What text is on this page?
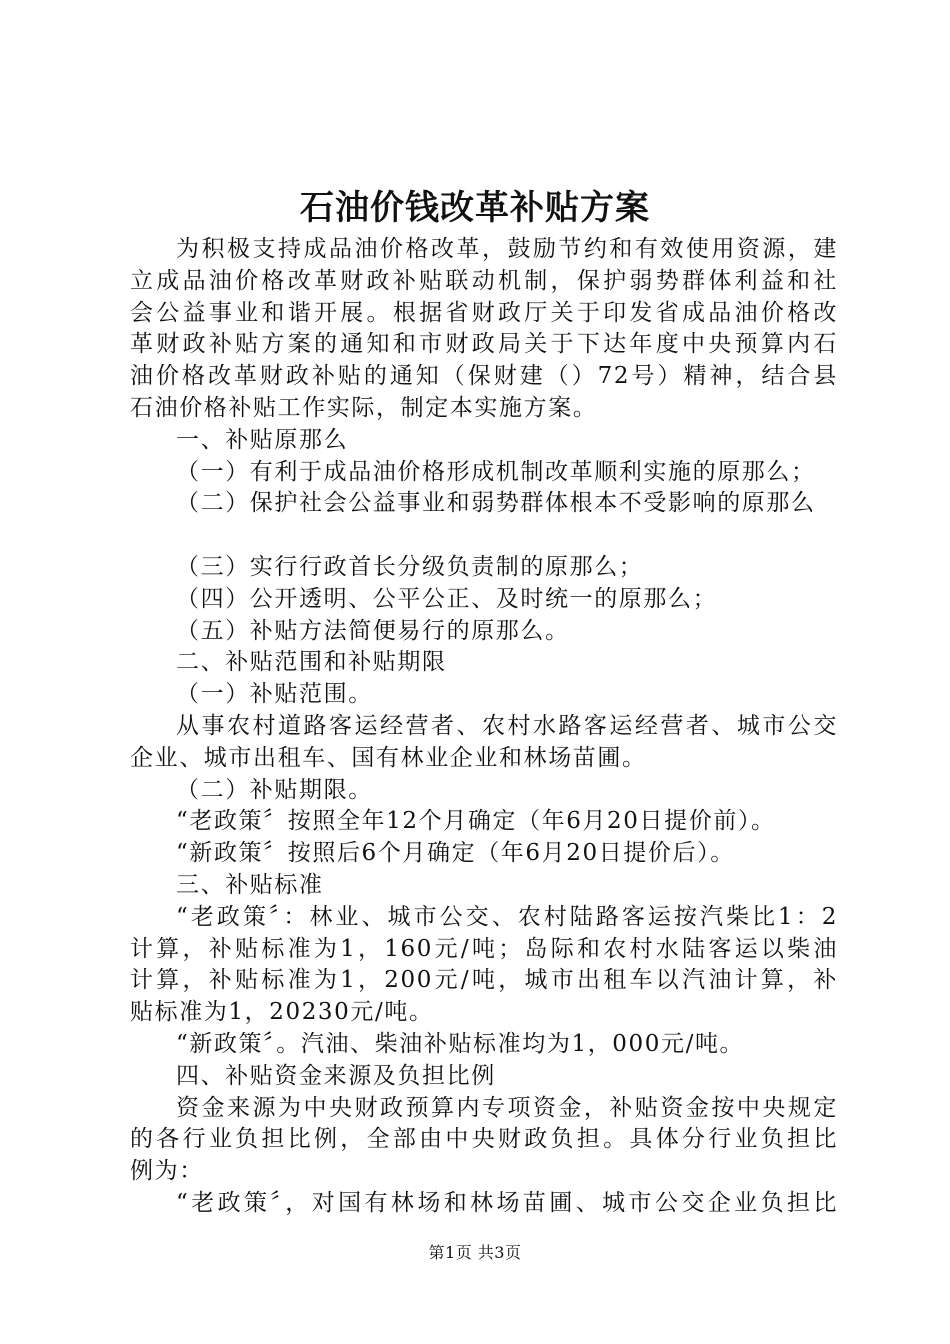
石油价钱改革补贴方案
为积极支持成品油价格改革，鼓励节约和有效使用资源，建
立成品油价格改革财政补贴联动机制，保护弱势群体利益和社
会公益事业和谐开展。根据省财政厅关于印发省成品油价格改
革财政补贴方案的通知和市财政局关于下达年度中央预算内石
油价格改革财政补贴的通知（保财建（）72号）精神，结合县
石油价格补贴工作实际，制定本实施方案。
一、补贴原那么
（一）有利于成品油价格形成机制改革顺利实施的原那么；
（二）保护社会公益事业和弱势群体根本不受影响的原那么
（三）实行行政首长分级负责制的原那么；
（四）公开透明、公平公正、及时统一的原那么；
（五）补贴方法简便易行的原那么。
二、补贴范围和补贴期限
（一）补贴范围。
从事农村道路客运经营者、农村水路客运经营者、城市公交
企业、城市出租车、国有林业企业和林场苗圃。
（二）补贴期限。
“老政策〞按照全年12个月确定（年6月20日提价前）。
“新政策〞按照后6个月确定（年6月20日提价后）。
三、补贴标准
“老政策〞：林业、城市公交、农村陆路客运按汽柴比1：2
计算，补贴标准为1，160元/吨；岛际和农村水陆客运以柴油
计算，补贴标准为1，200元/吨，城市出租车以汽油计算，补
贴标准为1，20230元/吨。
“新政策〞。汽油、柴油补贴标准均为1，000元/吨。
四、补贴资金来源及负担比例
资金来源为中央财政预算内专项资金，补贴资金按中央规定
的各行业负担比例，全部由中央财政负担。具体分行业负担比
例为：
“老政策〞，对国有林场和林场苗圃、城市公交企业负担比
第1页 共3页
